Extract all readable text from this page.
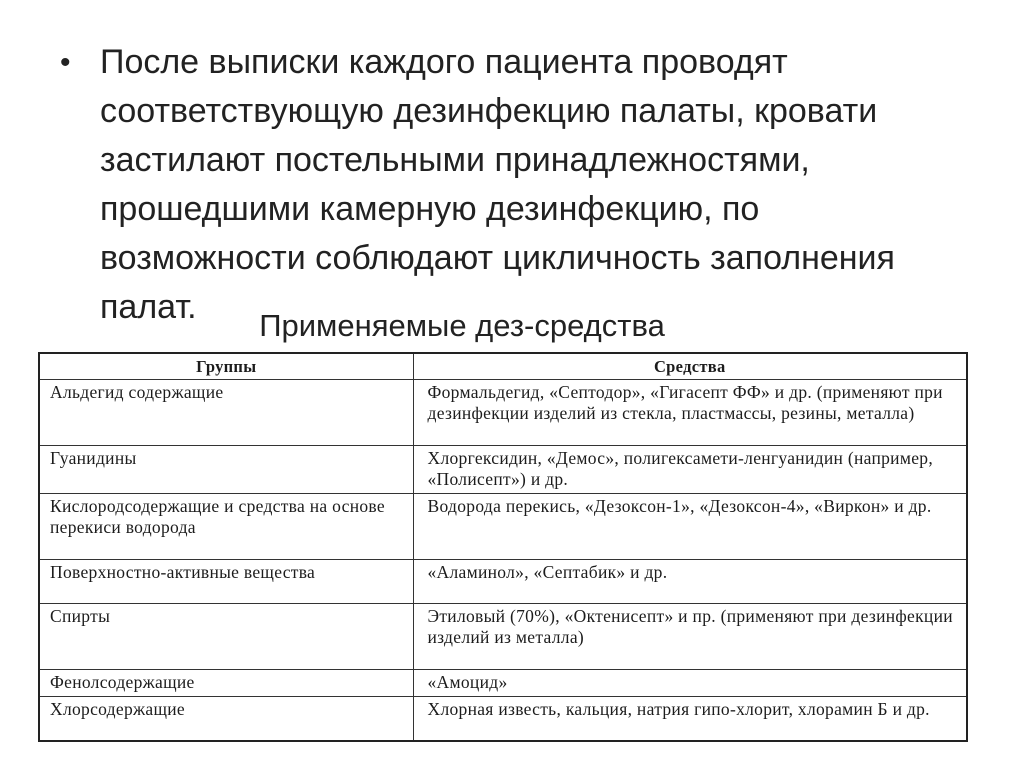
• После выписки каждого пациента проводят
соответствующую дезинфекцию палаты, кровати
застилают постельными принадлежностями,
прошедшими камерную дезинфекцию, по
возможности соблюдают цикличность заполнения
палат.	Применяемые дез-средства
Группы	Средства
Альдегид содержащие	Формальдегид, «Септодор», «Гигасепт ФФ» и др. (применяют при дезинфекции изделий из стекла, пластмассы, резины, металла)
Гуанидины	Хлоргексидин, «Демос», полигексамети-ленгуанидин (например, «Полисепт») и др.
Кислородсодержащие и средства на основе перекиси водорода	Водорода перекись, «Дезоксон-1», «Дезоксон-4», «Виркон» и др.
Поверхностно-активные вещества	«Аламинол», «Септабик» и др.
Спирты	Этиловый (70%), «Октенисепт» и пр. (применяют при дезинфекции изделий из металла)
Фенолсодержащие	«Амоцид»
Хлорсодержащие	Хлорная известь, кальция, натрия гипо-хлорит, хлорамин Б и др.
